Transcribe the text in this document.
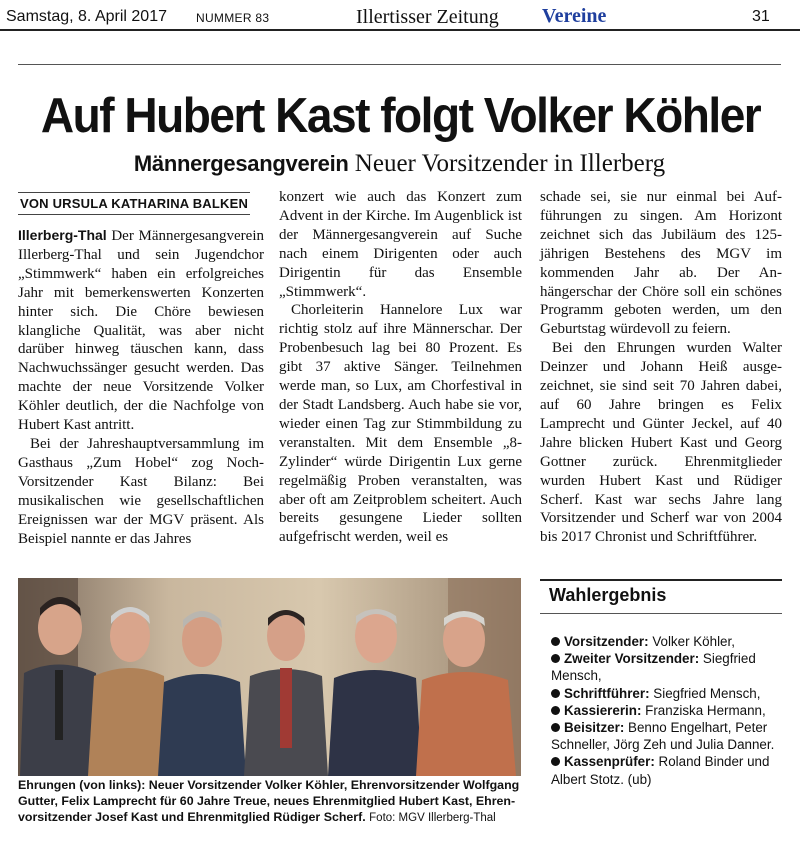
Samstag, 8. April 2017 NUMMER 83	Illertisser Zeitung Vereine	31
Auf Hubert Kast folgt Volker Köhler
Männergesangverein Neuer Vorsitzender in Illerberg
VON URSULA KATHARINA BALKEN

Illerberg-Thal Der Männergesangverein Illerberg-Thal und sein Jugendchor „Stimmwerk“ haben ein erfolgreiches Jahr mit bemerkenswerten Konzerten hinter sich. Die Chöre bewiesen klangliche Qualität, was aber nicht darüber hinweg täuschen kann, dass Nachwuchssänger gesucht werden. Das machte der neue Vorsitzende Volker Köhler deutlich, der die Nachfolge von Hubert Kast antritt.

Bei der Jahreshauptversammlung im Gasthaus „Zum Hobel“ zog Noch-Vorsitzender Kast Bilanz: Bei musikalischen wie gesellschaftlichen Ereignissen war der MGV präsent. Als Beispiel nannte er das Jahres

konzert wie auch das Konzert zum Advent in der Kirche. Im Augenblick ist der Männergesangverein auf Suche nach einem Dirigenten oder auch Dirigentin für das Ensemble „Stimmwerk“.

Chorleiterin Hannelore Lux war richtig stolz auf ihre Männerschar. Der Probenbesuch lag bei 80 Prozent. Es gibt 37 aktive Sänger. Teilnehmen werde man, so Lux, am Chorfestival in der Stadt Landsberg. Auch habe sie vor, wieder einen Tag zur Stimmbildung zu veranstalten. Mit dem Ensemble „8-Zylinder“ würde Dirigentin Lux gerne regelmäßig Proben veranstalten, was aber oft am Zeitproblem scheitert. Auch bereits gesungene Lieder sollten aufgefrischt werden, weil es

schade sei, sie nur einmal bei Aufführungen zu singen. Am Horizont zeichnet sich das Jubiläum des 125-jährigen Bestehens des MGV im kommenden Jahr ab. Der Anhängerschar der Chöre soll ein schönes Programm geboten werden, um den Geburtstag würdevoll zu feiern.

Bei den Ehrungen wurden Walter Deinzer und Johann Heiß ausgezeichnet, sie sind seit 70 Jahren dabei, auf 60 Jahre bringen es Felix Lamprecht und Günter Jeckel, auf 40 Jahre blicken Hubert Kast und Georg Gottner zurück. Ehrenmitglieder wurden Hubert Kast und Rüdiger Scherf. Kast war sechs Jahre lang Vorsitzender und Scherf war von 2004 bis 2017 Chronist und Schriftführer.

Ehrungen (von links): Neuer Vorsitzender Volker Köhler, Ehrenvorsitzender Wolfgang Gutter, Felix Lamprecht für 60 Jahre Treue, neues Ehrenmitglied Hubert Kast, Ehrenvorsitzender Josef Kast und Ehrenmitglied Rüdiger Scherf. Foto: MGV Illerberg-Thal
Wahlergebnis
Vorsitzender: Volker Köhler,
Zweiter Vorsitzender: Siegfried Mensch,
Schriftführer: Siegfried Mensch,
Kassiererin: Franziska Hermann,
Beisitzer: Benno Engelhart, Peter Schneller, Jörg Zeh und Julia Danner.
Kassenprüfer: Roland Binder und Albert Stotz. (ub)
